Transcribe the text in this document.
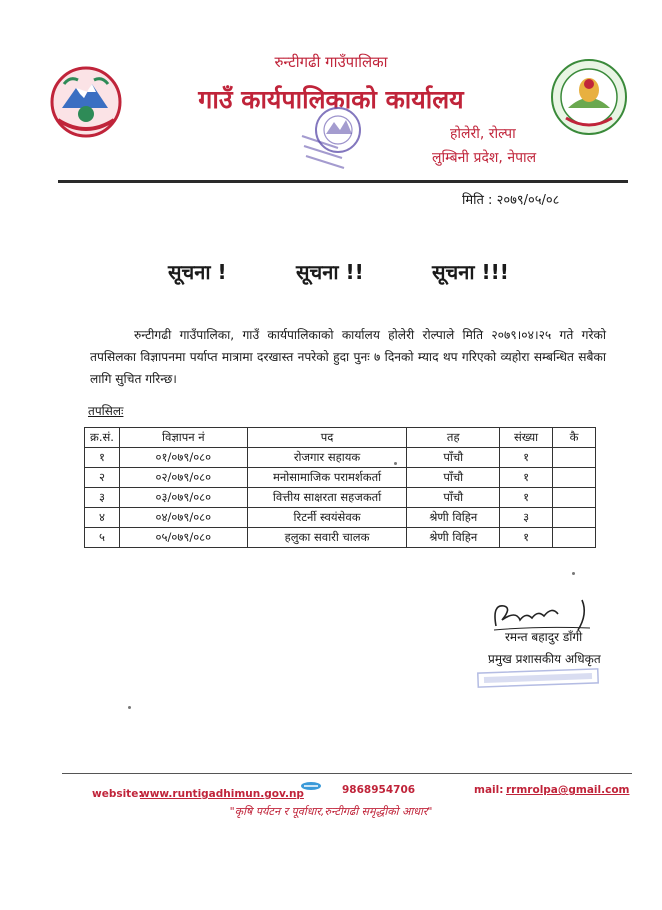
रुन्टीगढी गाउँपालिका
गाउँ कार्यपालिकाको कार्यालय
होलेरी, रोल्पा
लुम्बिनी प्रदेश, नेपाल
मिति : २०७९/०५/०८
सूचना !	सूचना !!	सूचना !!!
रुन्टीगढी गाउँपालिका, गाउँ कार्यपालिकाको कार्यालय होलेरी रोल्पाले मिति २०७९।०४।२५ गते गरेको तपसिलका विज्ञापनमा पर्याप्त मात्रामा दरखास्त नपरेको हुदा पुनः ७ दिनको म्याद थप गरिएको व्यहोरा सम्बन्धित सबैका लागि सुचित गरिन्छ।
तपसिलः
क्र.सं.	विज्ञापन नं	पद	तह	संख्या	कै
१	०१/०७९/०८०	रोजगार सहायक	पाँचौ	१	
२	०२/०७९/०८०	मनोसामाजिक परामर्शकर्ता	पाँचौ	१	
३	०३/०७९/०८०	वित्तीय साक्षरता सहजकर्ता	पाँचौ	१	
४	०४/०७९/०८०	रिटर्नी स्वयंसेवक	श्रेणी विहिन	३	
५	०५/०७९/०८०	हलुका सवारी चालक	श्रेणी विहिन	१	
रमन्त बहादुर डाँगी
प्रमुख प्रशासकीय अधिकृत
website:
www.runtigadhimun.gov.np	9868954706	mail: rrmrolpa@gmail.com
"कृषि पर्यटन र पूर्वाधार,रुन्टीगढी समृद्धीको आधार"
